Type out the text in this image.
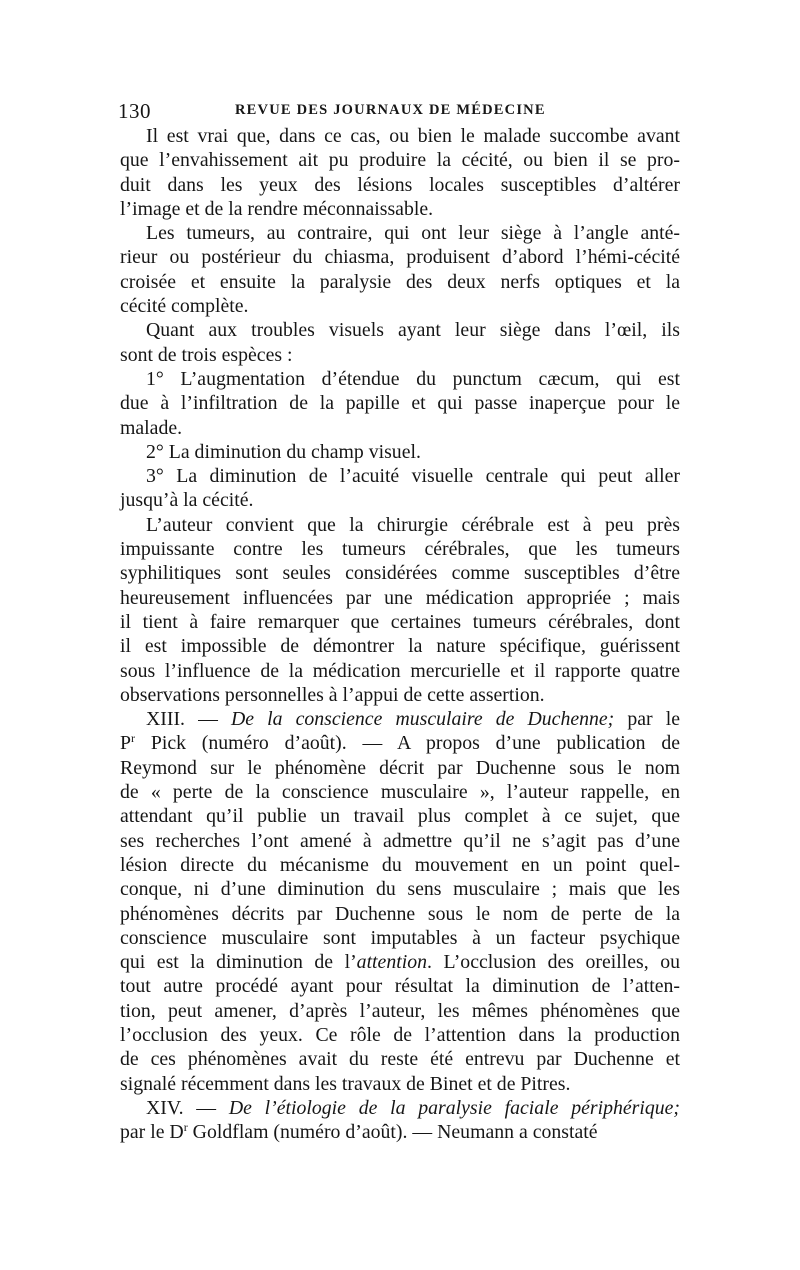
130	REVUE DES JOURNAUX DE MÉDECINE
Il est vrai que, dans ce cas, ou bien le malade succombe avant
que l’envahissement ait pu produire la cécité, ou bien il se pro-
duit dans les yeux des lésions locales susceptibles d’altérer
l’image et de la rendre méconnaissable.
Les tumeurs, au contraire, qui ont leur siège à l’angle anté-
rieur ou postérieur du chiasma, produisent d’abord l’hémi-cécité
croisée et ensuite la paralysie des deux nerfs optiques et la
cécité complète.
Quant aux troubles visuels ayant leur siège dans l’œil, ils
sont de trois espèces :
1° L’augmentation d’étendue du punctum cæcum, qui est
due à l’infiltration de la papille et qui passe inaperçue pour le
malade.
2° La diminution du champ visuel.
3° La diminution de l’acuité visuelle centrale qui peut aller
jusqu’à la cécité.
L’auteur convient que la chirurgie cérébrale est à peu près
impuissante contre les tumeurs cérébrales, que les tumeurs
syphilitiques sont seules considérées comme susceptibles d’être
heureusement influencées par une médication appropriée ; mais
il tient à faire remarquer que certaines tumeurs cérébrales, dont
il est impossible de démontrer la nature spécifique, guérissent
sous l’influence de la médication mercurielle et il rapporte quatre
observations personnelles à l’appui de cette assertion.
XIII. — De la conscience musculaire de Duchenne; par le
$P^r$ Pick (numéro d’août). — A propos d’une publication de
Reymond sur le phénomène décrit par Duchenne sous le nom
de « perte de la conscience musculaire », l’auteur rappelle, en
attendant qu’il publie un travail plus complet à ce sujet, que
ses recherches l’ont amené à admettre qu’il ne s’agit pas d’une
lésion directe du mécanisme du mouvement en un point quel-
conque, ni d’une diminution du sens musculaire ; mais que les
phénomènes décrits par Duchenne sous le nom de perte de la
conscience musculaire sont imputables à un facteur psychique
qui est la diminution de l’attention. L’occlusion des oreilles, ou
tout autre procédé ayant pour résultat la diminution de l’atten-
tion, peut amener, d’après l’auteur, les mêmes phénomènes que
l’occlusion des yeux. Ce rôle de l’attention dans la production
de ces phénomènes avait du reste été entrevu par Duchenne et
signalé récemment dans les travaux de Binet et de Pitres.
XIV. — De l’étiologie de la paralysie faciale périphérique;
par le $D^r$ Goldflam (numéro d’août). — Neumann a constaté
